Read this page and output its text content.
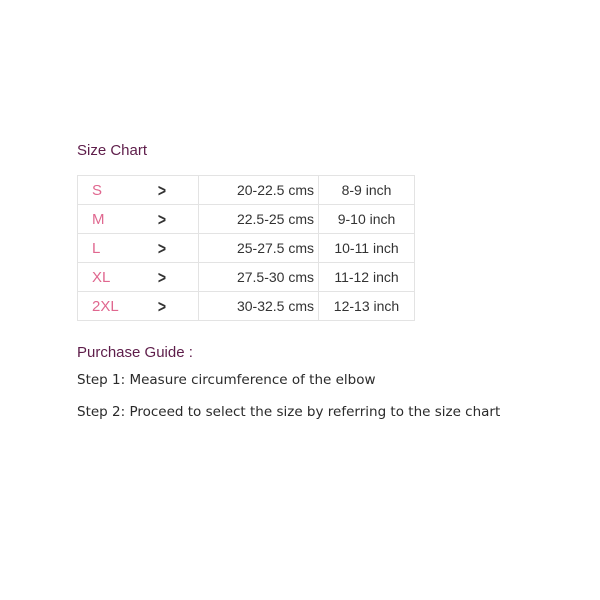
Size Chart
S >	20-22.5 cms	8-9 inch

M >	22.5-25 cms	9-10 inch

L >	25-27.5 cms	10-11 inch

XL >	27.5-30 cms	11-12 inch

2XL >	30-32.5 cms	12-13 inch
Purchase Guide :
Step 1: Measure circumference of the elbow
Step 2: Proceed to select the size by referring to the size chart
